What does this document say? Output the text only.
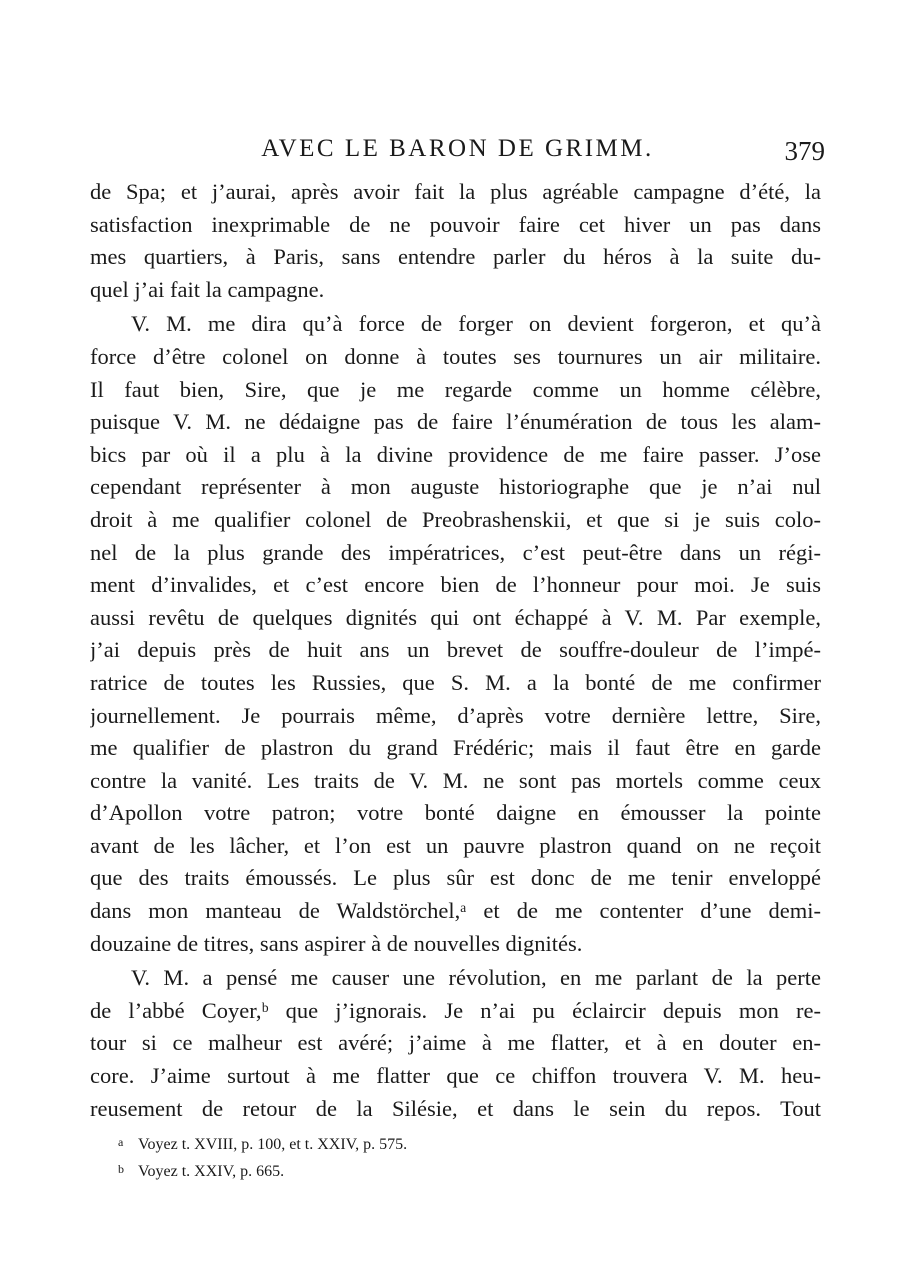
AVEC LE BARON DE GRIMM.	379
de Spa; et j’aurai, après avoir fait la plus agréable campagne d’été, la
satisfaction inexprimable de ne pouvoir faire cet hiver un pas dans
mes quartiers, à Paris, sans entendre parler du héros à la suite du-
quel j’ai fait la campagne.
V. M. me dira qu’à force de forger on devient forgeron, et qu’à
force d’être colonel on donne à toutes ses tournures un air militaire.
Il faut bien, Sire, que je me regarde comme un homme célèbre,
puisque V. M. ne dédaigne pas de faire l’énumération de tous les alam-
bics par où il a plu à la divine providence de me faire passer. J’ose
cependant représenter à mon auguste historiographe que je n’ai nul
droit à me qualifier colonel de Preobrashenskii, et que si je suis colo-
nel de la plus grande des impératrices, c’est peut-être dans un régi-
ment d’invalides, et c’est encore bien de l’honneur pour moi. Je suis
aussi revêtu de quelques dignités qui ont échappé à V. M. Par exemple,
j’ai depuis près de huit ans un brevet de souffre-douleur de l’impé-
ratrice de toutes les Russies, que S. M. a la bonté de me confirmer
journellement. Je pourrais même, d’après votre dernière lettre, Sire,
me qualifier de plastron du grand Frédéric; mais il faut être en garde
contre la vanité. Les traits de V. M. ne sont pas mortels comme ceux
d’Apollon votre patron; votre bonté daigne en émousser la pointe
avant de les lâcher, et l’on est un pauvre plastron quand on ne reçoit
que des traits émoussés. Le plus sûr est donc de me tenir enveloppé
dans mon manteau de Waldstörchel,ᵃ et de me contenter d’une demi-
douzaine de titres, sans aspirer à de nouvelles dignités.
V. M. a pensé me causer une révolution, en me parlant de la perte
de l’abbé Coyer,ᵇ que j’ignorais. Je n’ai pu éclaircir depuis mon re-
tour si ce malheur est avéré; j’aime à me flatter, et à en douter en-
core. J’aime surtout à me flatter que ce chiffon trouvera V. M. heu-
reusement de retour de la Silésie, et dans le sein du repos. Tout
a Voyez t. XVIII, p. 100, et t. XXIV, p. 575.
b Voyez t. XXIV, p. 665.
